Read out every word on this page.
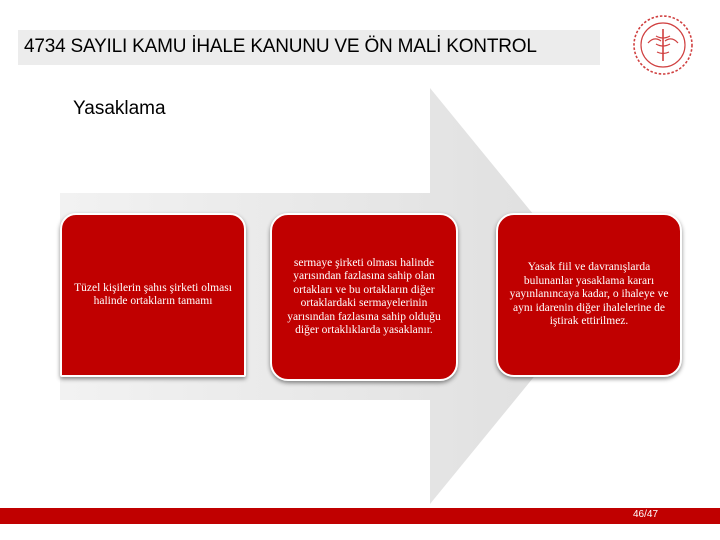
4734 SAYILI KAMU İHALE KANUNU VE ÖN MALİ KONTROL
Yasaklama
Tüzel kişilerin şahıs şirketi olması halinde ortakların tamamı
sermaye şirketi olması halinde yarısından fazlasına sahip olan ortakları ve bu ortakların diğer ortaklardaki sermayelerinin yarısından fazlasına sahip olduğu diğer ortaklıklarda yasaklanır.
Yasak fiil ve davranışlarda bulunanlar yasaklama kararı yayınlanıncaya kadar, o ihaleye ve aynı idarenin diğer ihalelerine de iştirak ettirilmez.
46/47
